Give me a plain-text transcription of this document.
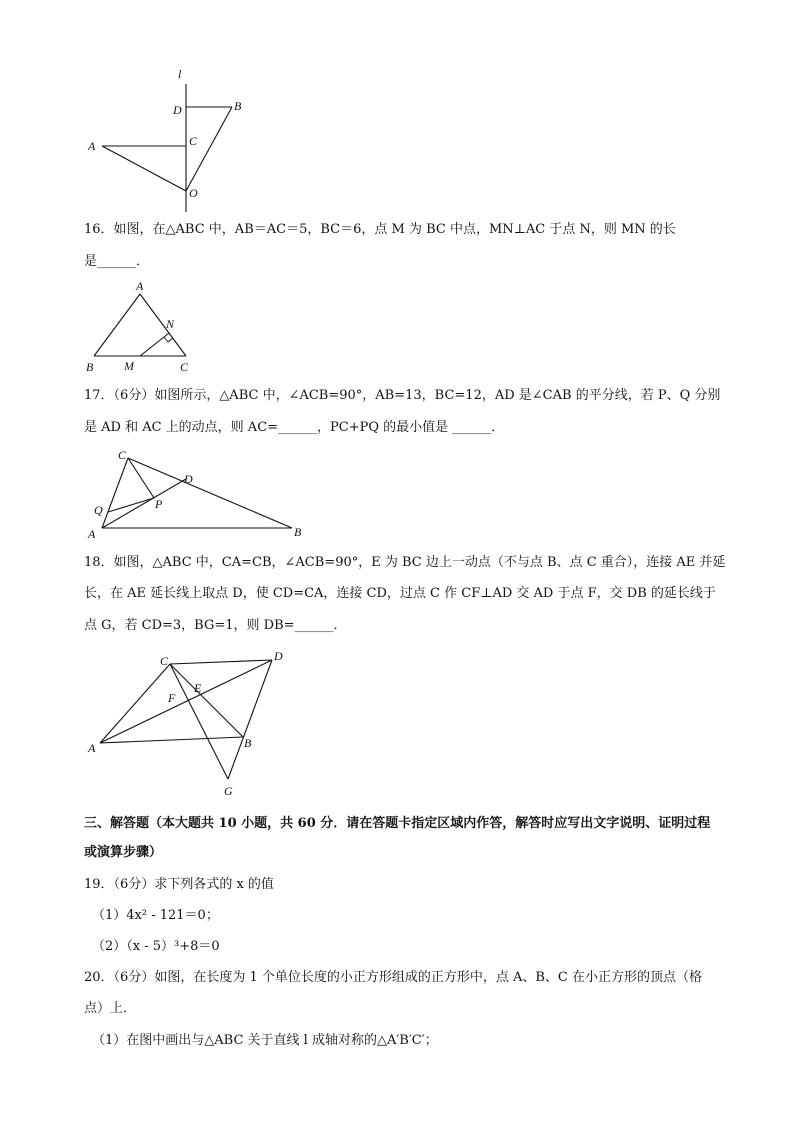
l
D	B
A	C
O
16．如图，在△ABC 中，AB＝AC＝5，BC＝6，点 M 为 BC 中点，MN⊥AC 于点 N，则 MN 的长
是______．
A
N
B	M	C
17．（6分）如图所示，△ABC 中，∠ACB=90°，AB=13，BC=12，AD 是∠CAB 的平分线，若 P、Q 分别
是 AD 和 AC 上的动点，则 AC=______，PC+PQ 的最小值是 ______．
C
D
Q	P
A	B
18．如图，△ABC 中，CA=CB，∠ACB=90°，E 为 BC 边上一动点（不与点 B、点 C 重合），连接 AE 并延
长，在 AE 延长线上取点 D，使 CD=CA，连接 CD，过点 C 作 CF⊥AD 交 AD 于点 F，交 DB 的延长线于
点 G，若 CD=3，BG=1，则 DB=______．
C	D
F
E
A	B
G
三、解答题（本大题共 10 小题，共 60 分．请在答题卡指定区域内作答，解答时应写出文字说明、证明过程
或演算步骤）
19．（6分）求下列各式的 x 的值
（1）4x² - 121＝0；
（2）（x - 5）³+8＝0
20．（6分）如图，在长度为 1 个单位长度的小正方形组成的正方形中，点 A、B、C 在小正方形的顶点（格
点）上．
（1）在图中画出与△ABC 关于直线 l 成轴对称的△A′B′C′；
